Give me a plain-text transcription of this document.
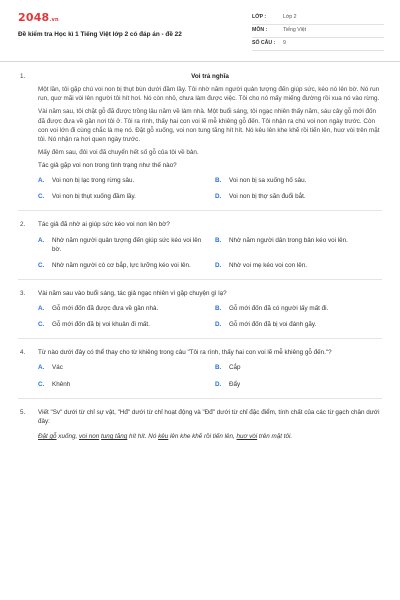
2048.vn
Đề kiểm tra Học kì 1 Tiếng Việt lớp 2 có đáp án - đề 22
LỚP :	Lớp 2
MÔN :	Tiếng Việt
SỐ CÂU :	9
1.	Voi trả nghĩa
Một lần, tôi gặp chú voi non bị thụt bùn dưới đầm lầy. Tôi nhờ năm người quản tượng đến giúp sức, kéo nó lên bờ. Nó run run, quơ mãi vòi lên người tôi hít hơi. Nó còn nhỏ, chưa làm được việc. Tôi cho nó mấy miếng đường rồi xua nó vào rừng.
Vài năm sau, tôi chặt gỗ đã được trồng lâu năm về làm nhà. Một buổi sáng, tôi ngạc nhiên thấy năm, sáu cây gỗ mới đốn đã được đưa về gần nơi tôi ở. Tôi ra rình, thấy hai con voi lẽ mễ khiêng gỗ đến. Tôi nhận ra chú voi non ngày trước. Còn con voi lớn đi cùng chắc là mẹ nó. Đặt gỗ xuống, voi non tung tăng hít hít. Nó kêu lên khe khẽ rồi tiến lên, huơ vòi trên mặt tôi. Nó nhận ra hơi quen ngày trước.
Mấy đêm sau, đôi voi đã chuyển hết số gỗ của tôi về bản.
Tác giả gặp voi non trong tình trạng như thế nào?
A.	Voi non bị lạc trong rừng sâu.	B.	Voi non bị sa xuống hố sâu.
C.	Voi non bị thụt xuống đầm lầy.	D.	Voi non bị thợ săn đuổi bắt.
2. Tác giả đã nhờ ai giúp sức kéo voi non lên bờ?
A.	Nhờ năm người quản tượng đến giúp sức kéo voi lên bờ.
B.	Nhờ năm người dân trong bản kéo voi lên.
C.	Nhờ năm người có cơ bắp, lực lưỡng kéo voi lên.	D.	Nhờ voi mẹ kéo voi con lên.
3. Vài năm sau vào buổi sáng, tác giả ngạc nhiên vì gặp chuyện gì lạ?
A.	Gỗ mới đốn đã được đưa về gần nhà.	B.	Gỗ mới đốn đã có người lấy mất đi.
C.	Gỗ mới đốn đã bị voi khuân đi mất.	D.	Gỗ mới đốn đã bị voi đánh gãy.
4. Từ nào dưới đây có thể thay cho từ khiêng trong câu "Tôi ra rình, thấy hai con voi lẽ mễ khiêng gỗ đến."?
A.	Vác	B.	Cắp
C.	Khênh	D.	Đẩy
5. Viết "Sv" dưới từ chỉ sự vật, "Hđ" dưới từ chỉ hoạt động và "Đđ" dưới từ chỉ đặc điểm, tính chất của các từ gạch chân dưới đây:
Đặt gỗ xuống, voi non tung tăng hít hít. Nó kêu lên khe khẽ rồi tiến lên, huơ vòi trên mặt tôi.
